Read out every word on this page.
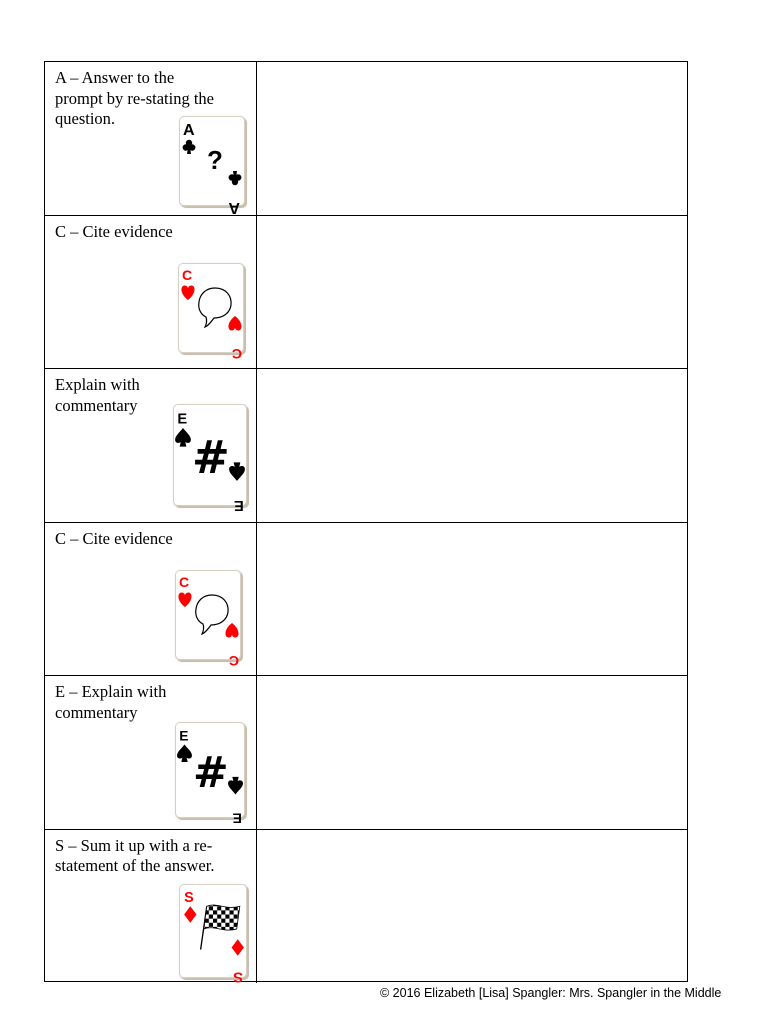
A – Answer to the
prompt by re-stating the
question.
A
?
A
C – Cite evidence
C
C
Explain with
commentary
E
#
E
C – Cite evidence
C
C
E – Explain with
commentary
E
#
E
S – Sum it up with a re-
statement of the answer.
S
S
© 2016 Elizabeth [Lisa] Spangler: Mrs. Spangler in the Middle
